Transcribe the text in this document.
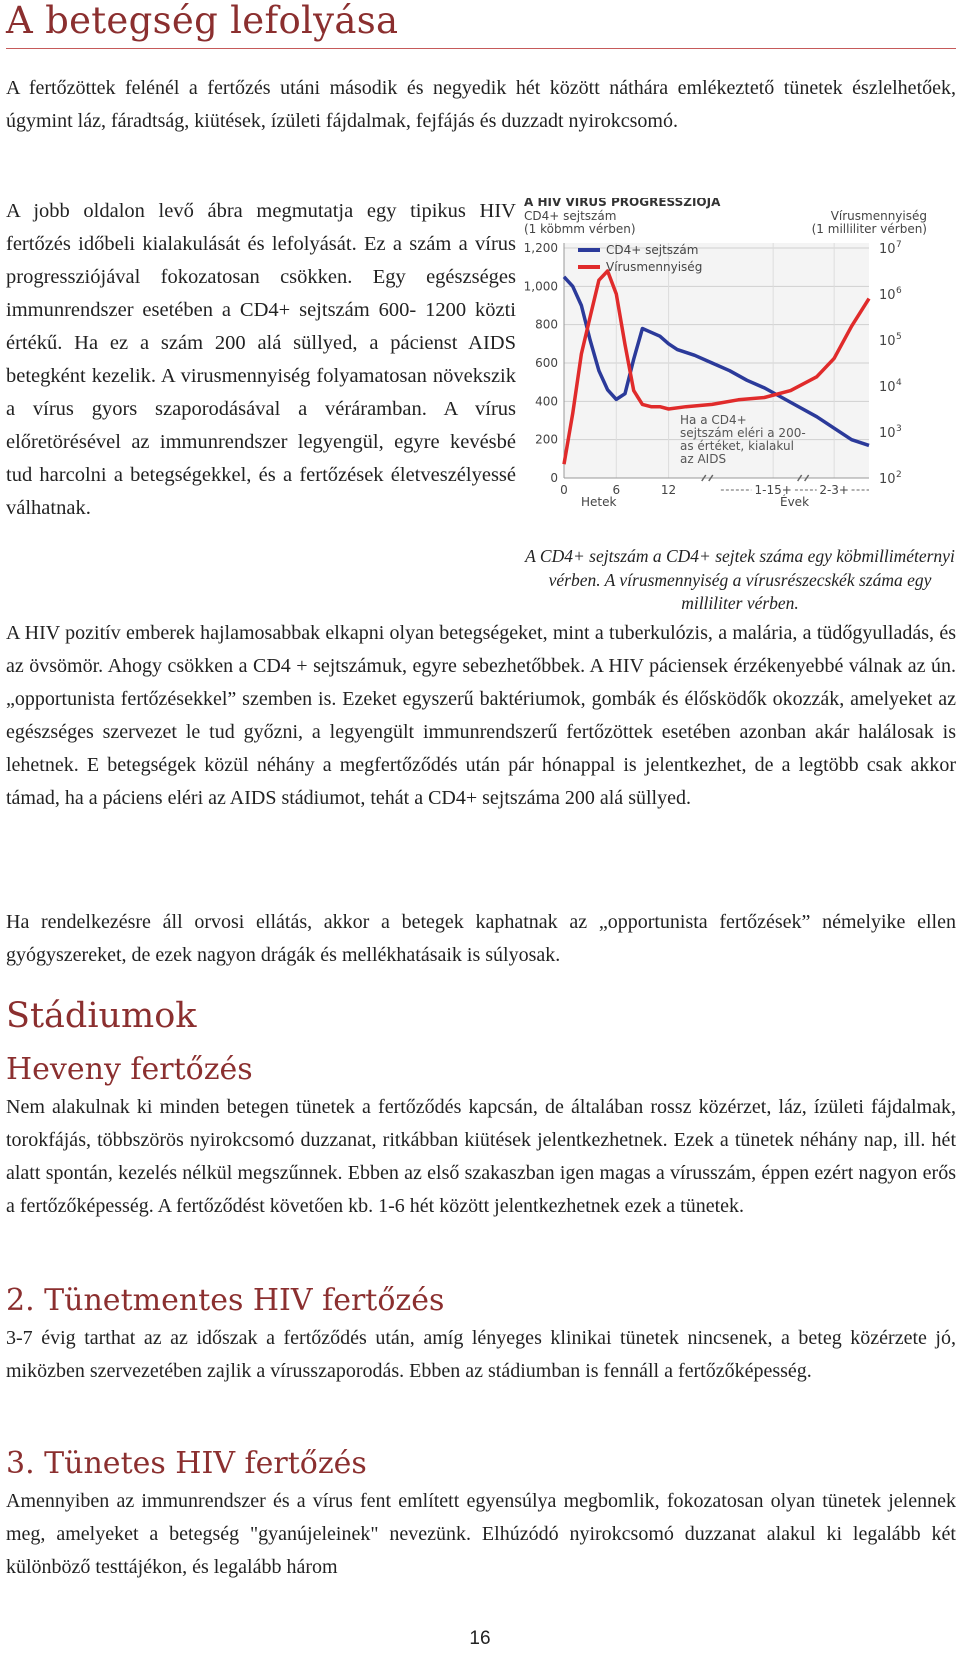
A betegség lefolyása

A fertőzöttek felénél a fertőzés utáni második és negyedik hét között náthára emlékeztető tünetek észlelhetőek, úgymint láz, fáradtság, kiütések, ízületi fájdalmak, fejfájás és duzzadt nyirokcsomó.

A jobb oldalon levő ábra megmutatja egy tipikus HIV fertőzés időbeli kialakulását és lefolyását. Ez a szám a vírus progressziójával fokozatosan csökken. Egy egészséges immunrendszer esetében a CD4+ sejtszám 600- 1200 közti értékű. Ha ez a szám 200 alá süllyed, a pácienst AIDS betegként kezelik. A virusmennyiség folyamatosan növekszik a vírus gyors szaporodásával a véráramban. A vírus előretörésével az immunrendszer legyengül, egyre kevésbé tud harcolni a betegségekkel, és a fertőzések életveszélyessé válhatnak.

A HIV VÍRUS PROGRESSZIÓJA
CD4+ sejtszám
(1 köbmm vérben)
Vírusmennyiség
(1 milliliter vérben)
0
200
400
600
800
1,000
1,200
10 2
10 3
10 4
10 5
10 6
10 7
0	6	12	1-15+ 2-3+
CD4+ sejtszám
Vírusmennyiség
Ha a CD4+
sejtszám eléri a 200-
as értéket, kialakul
az AIDS
Hetek	Évek
A CD4+ sejtszám a CD4+ sejtek száma egy köbmilliméternyi vérben. A vírusmennyiség a vírusrészecskék száma egy milliliter vérben.

A HIV pozitív emberek hajlamosabbak elkapni olyan betegségeket, mint a tuberkulózis, a malária, a tüdőgyulladás, és az övsömör. Ahogy csökken a CD4 + sejtszámuk, egyre sebezhetőbbek. A HIV páciensek érzékenyebbé válnak az ún. „opportunista fertőzésekkel” szemben is. Ezeket egyszerű baktériumok, gombák és élősködők okozzák, amelyeket az egészséges szervezet le tud győzni, a legyengült immunrendszerű fertőzöttek esetében azonban akár halálosak is lehetnek. E betegségek közül néhány a megfertőződés után pár hónappal is jelentkezhet, de a legtöbb csak akkor támad, ha a páciens eléri az AIDS stádiumot, tehát a CD4+ sejtszáma 200 alá süllyed.

Ha rendelkezésre áll orvosi ellátás, akkor a betegek kaphatnak az „opportunista fertőzések” némelyike ellen gyógyszereket, de ezek nagyon drágák és mellékhatásaik is súlyosak.

Stádiumok
Heveny fertőzés

Nem alakulnak ki minden betegen tünetek a fertőződés kapcsán, de általában rossz közérzet, láz, ízületi fájdalmak, torokfájás, többszörös nyirokcsomó duzzanat, ritkábban kiütések jelentkezhetnek. Ezek a tünetek néhány nap, ill. hét alatt spontán, kezelés nélkül megszűnnek. Ebben az első szakaszban igen magas a vírusszám, éppen ezért nagyon erős a fertőzőképesség. A fertőződést követően kb. 1-6 hét között jelentkezhetnek ezek a tünetek.

2. Tünetmentes HIV fertőzés

3-7 évig tarthat az az időszak a fertőződés után, amíg lényeges klinikai tünetek nincsenek, a beteg közérzete jó, miközben szervezetében zajlik a vírusszaporodás. Ebben az stádiumban is fennáll a fertőzőképesség.

3. Tünetes HIV fertőzés

Amennyiben az immunrendszer és a vírus fent említett egyensúlya megbomlik, fokozatosan olyan tünetek jelennek meg, amelyeket a betegség "gyanújeleinek" nevezünk. Elhúzódó nyirokcsomó duzzanat alakul ki legalább két különböző testtájékon, és legalább három

16
